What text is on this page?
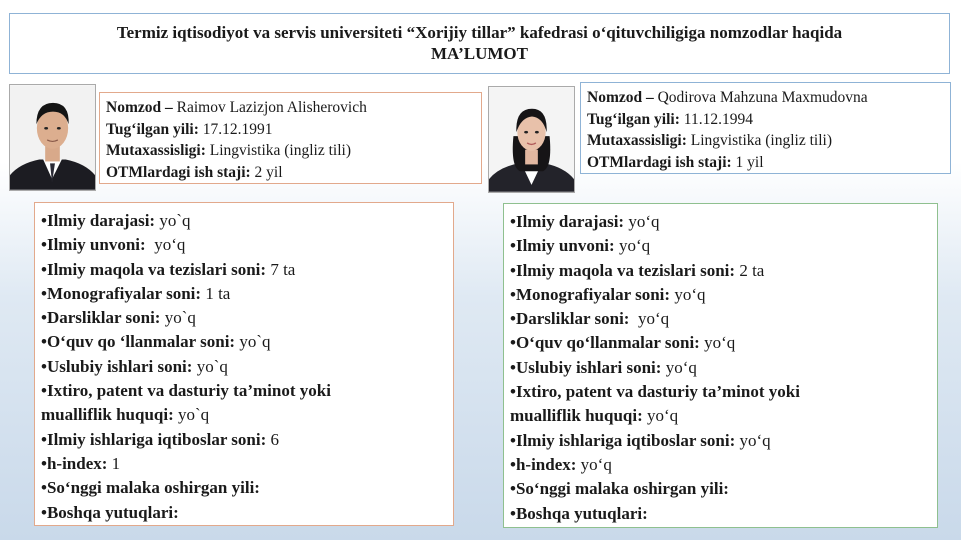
Termiz iqtisodiyot va servis universiteti “Xorijiy tillar” kafedrasi o‘qituvchiligiga nomzodlar haqida
MA’LUMOT
Nomzod – Raimov Lazizjon Alisherovich
Tug‘ilgan yili: 17.12.1991
Mutaxassisligi: Lingvistika (ingliz tili)
OTMlardagi ish staji: 2 yil
Nomzod – Qodirova Mahzuna Maxmudovna
Tug‘ilgan yili: 11.12.1994
Mutaxassisligi: Lingvistika (ingliz tili)
OTMlardagi ish staji: 1 yil
•Ilmiy darajasi: yo`q
•Ilmiy unvoni:  yo‘q
•Ilmiy maqola va tezislari soni: 7 ta
•Monografiyalar soni: 1 ta
•Darsliklar soni: yo`q
•O‘quv qo ‘llanmalar soni: yo`q
•Uslubiy ishlari soni: yo`q
•Ixtiro, patent va dasturiy ta’minot yoki mualliflik huquqi: yo`q
•Ilmiy ishlariga iqtiboslar soni: 6
•h-index: 1
•So‘nggi malaka oshirgan yili:
•Boshqa yutuqlari:
•Ilmiy darajasi: yo‘q
•Ilmiy unvoni: yo‘q
•Ilmiy maqola va tezislari soni: 2 ta
•Monografiyalar soni: yo‘q
•Darsliklar soni:  yo‘q
•O‘quv qo‘llanmalar soni: yo‘q
•Uslubiy ishlari soni: yo‘q
•Ixtiro, patent va dasturiy ta’minot yoki mualliflik huquqi: yo‘q
•Ilmiy ishlariga iqtiboslar soni: yo‘q
•h-index: yo‘q
•So‘nggi malaka oshirgan yili:
•Boshqa yutuqlari:
